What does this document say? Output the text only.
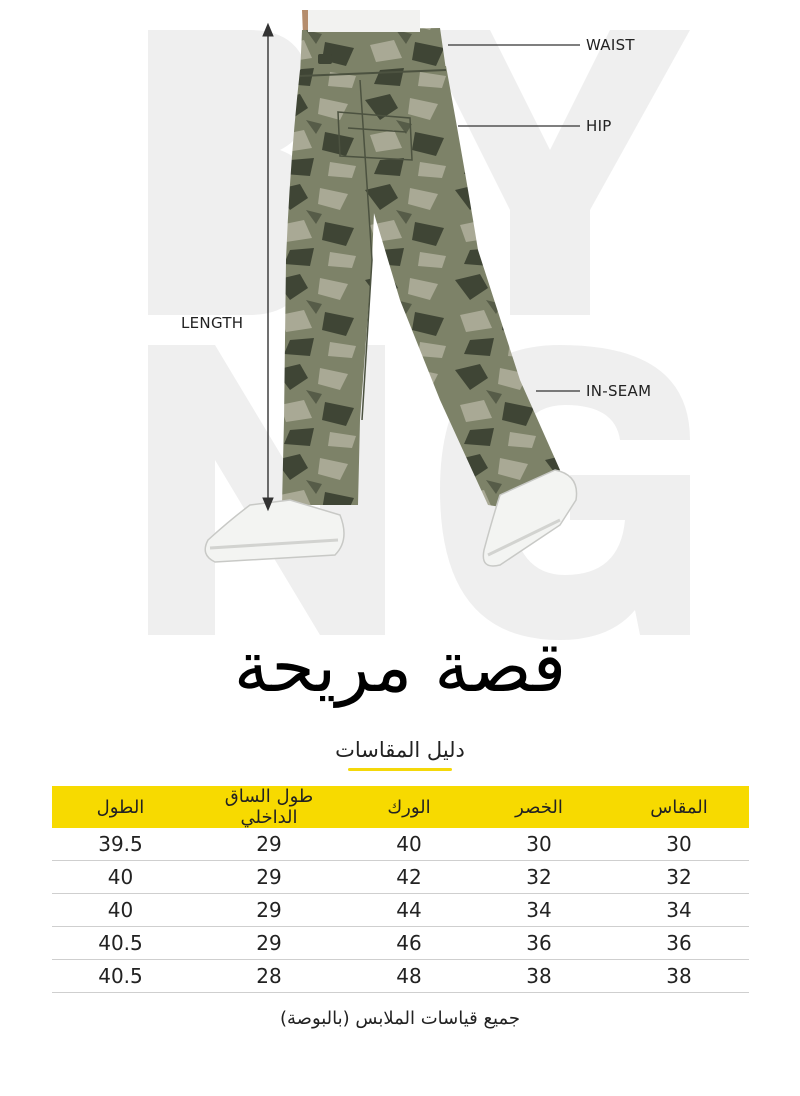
WAIST
HIP
LENGTH
IN-SEAM
قصة مريحة
دليل المقاسات
المقاس	الخصر	الورك	طول الساق الداخلي	الطول
30	30	40	29	39.5
32	32	42	29	40
34	34	44	29	40
36	36	46	29	40.5
38	38	48	28	40.5
جميع قياسات الملابس (بالبوصة)
